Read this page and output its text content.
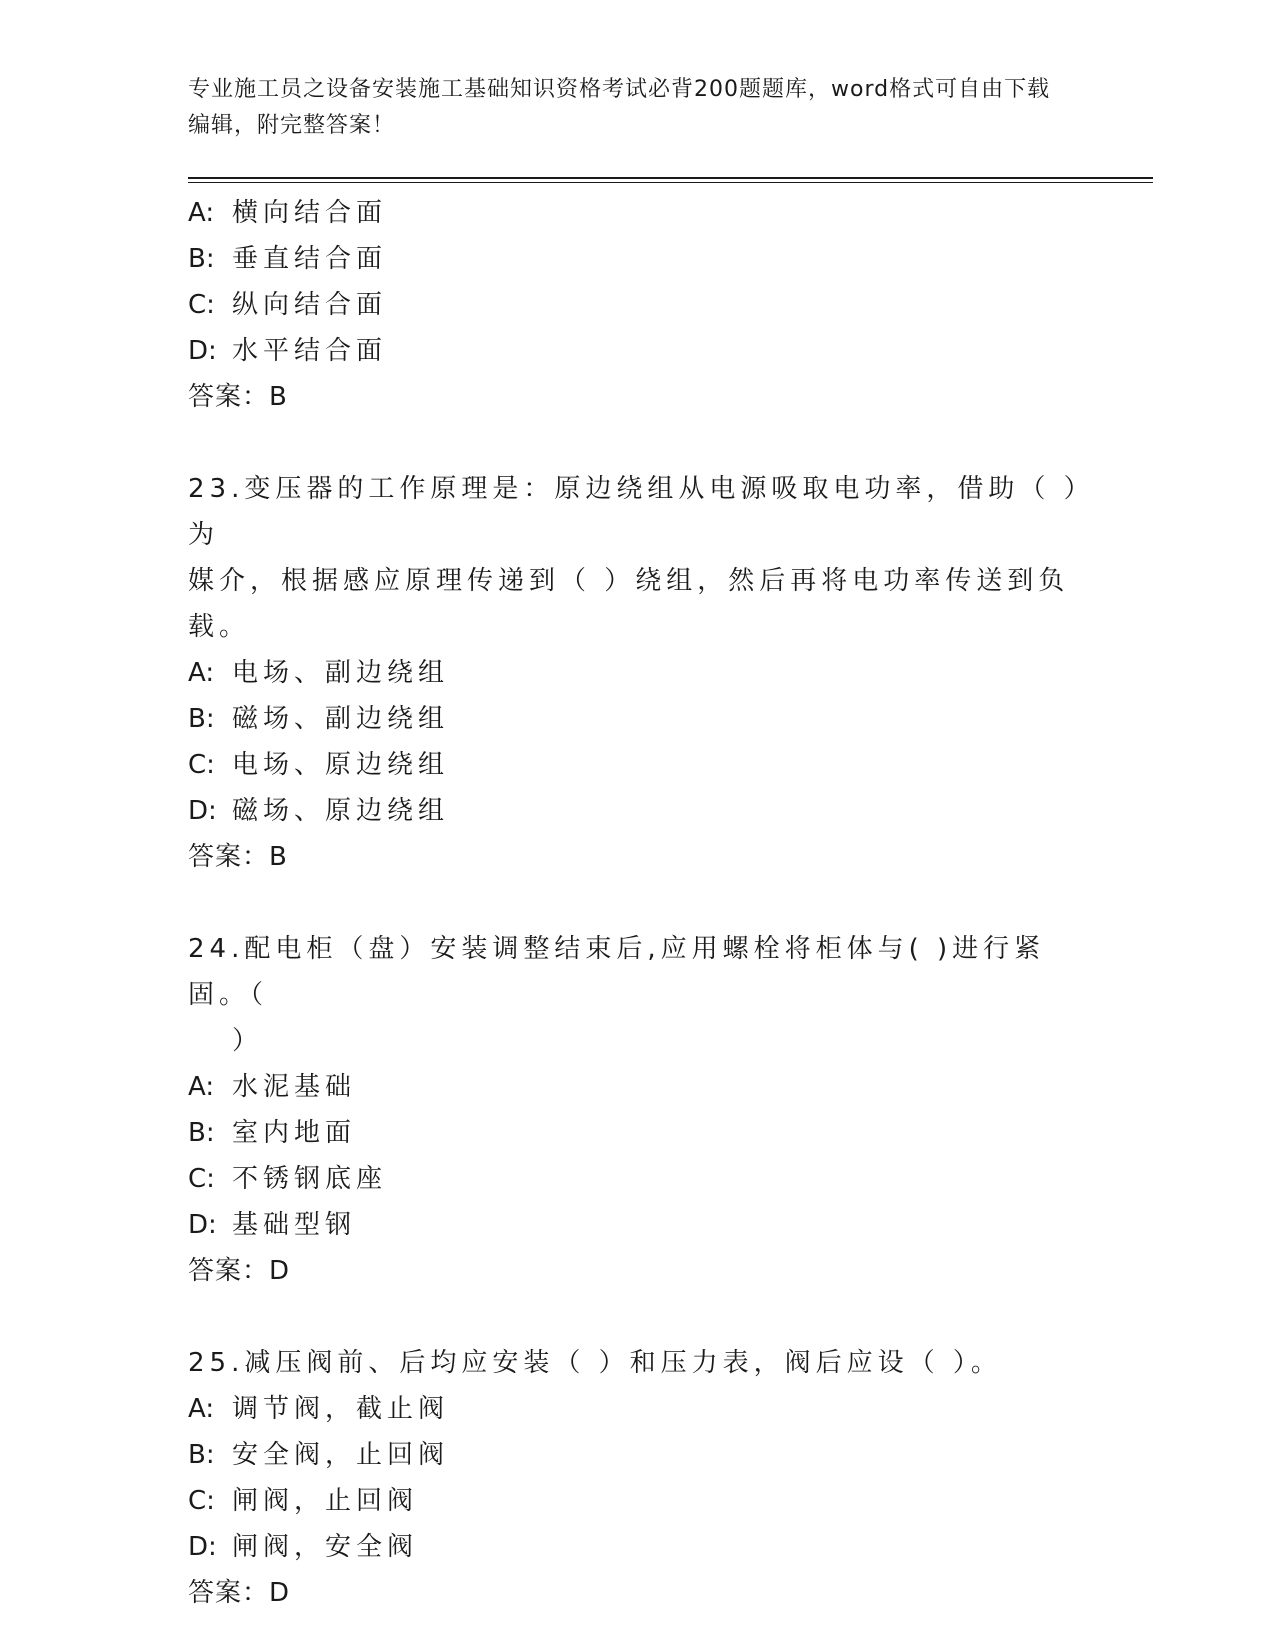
专业施工员之设备安装施工基础知识资格考试必背200题题库，word格式可自由下载编辑，附完整答案！
A: 横向结合面
B: 垂直结合面
C: 纵向结合面
D: 水平结合面
答案：B
23.变压器的工作原理是：原边绕组从电源吸取电功率，借助（ ）为
媒介，根据感应原理传递到（ ）绕组，然后再将电功率传送到负载。
A: 电场、副边绕组
B: 磁场、副边绕组
C: 电场、原边绕组
D: 磁场、原边绕组
答案：B
24.配电柜（盘）安装调整结束后,应用螺栓将柜体与( )进行紧固。（
）
A: 水泥基础
B: 室内地面
C: 不锈钢底座
D: 基础型钢
答案：D
25.减压阀前、后均应安装（ ）和压力表，阀后应设（ ）。
A: 调节阀，截止阀
B: 安全阀，止回阀
C: 闸阀，止回阀
D: 闸阀，安全阀
答案：D
